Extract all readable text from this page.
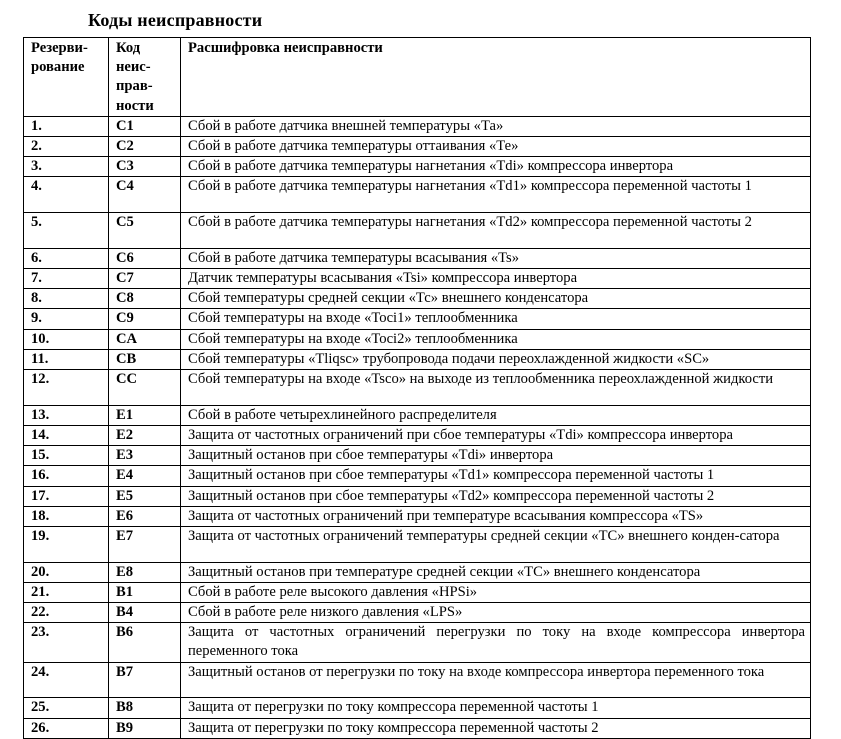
Коды неисправности
Резерви-рование	Код неис-прав-ности	Расшифровка неисправности
1.	C1	Сбой в работе датчика внешней температуры «Та»
2.	C2	Сбой в работе датчика температуры оттаивания «Те»
3.	C3	Сбой в работе датчика температуры нагнетания «Tdi» компрессора инвертора
4.	C4	Сбой в работе датчика температуры нагнетания «Td1» компрессора переменной частоты 1
5.	C5	Сбой в работе датчика температуры нагнетания «Td2» компрессора переменной частоты 2
6.	C6	Сбой в работе датчика температуры всасывания «Ts»
7.	C7	Датчик температуры всасывания «Tsi» компрессора инвертора
8.	C8	Сбой температуры средней секции «Тс» внешнего конденсатора
9.	C9	Сбой температуры на входе «Toci1» теплообменника
10.	CA	Сбой температуры на входе «Toci2» теплообменника
11.	CB	Сбой температуры «Tliqsc» трубопровода подачи переохлажденной жидкости «SC»
12.	CC	Сбой температуры на входе «Tsco» на выходе из теплообменника переохлажденной жидкости
13.	E1	Сбой в работе четырехлинейного распределителя
14.	E2	Защита от частотных ограничений при сбое температуры «Tdi» компрессора инвертора
15.	E3	Защитный останов при сбое температуры «Tdi» инвертора
16.	E4	Защитный останов при сбое температуры «Td1» компрессора переменной частоты 1
17.	E5	Защитный останов при сбое температуры «Td2» компрессора переменной частоты 2
18.	E6	Защита от частотных ограничений при температуре всасывания компрессора «TS»
19.	E7	Защита от частотных ограничений температуры средней секции «ТС» внешнего конден-сатора
20.	E8	Защитный останов при температуре средней секции «ТС» внешнего конденсатора
21.	B1	Сбой в работе реле высокого давления «HPSi»
22.	B4	Сбой в работе реле низкого давления «LPS»
23.	B6	Защита от частотных ограничений перегрузки по току на входе компрессора инвертора переменного тока
24.	B7	Защитный останов от перегрузки по току на входе компрессора инвертора переменного тока
25.	B8	Защита от перегрузки по току компрессора переменной частоты 1
26.	B9	Защита от перегрузки по току компрессора переменной частоты 2
